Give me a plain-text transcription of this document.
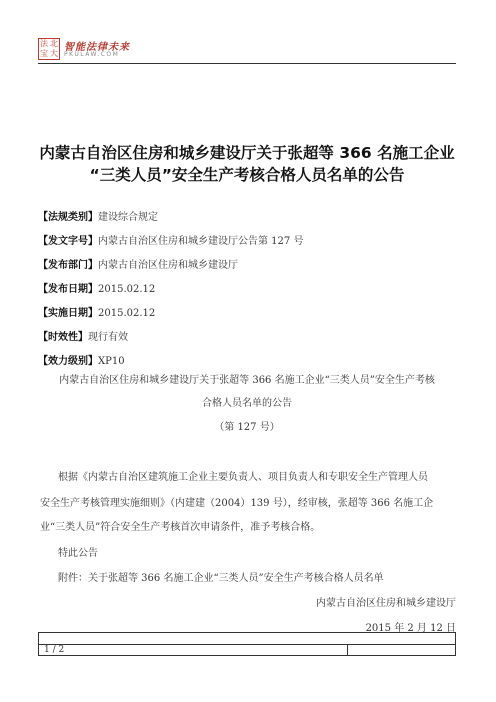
法 北
宝 大
智能法律未来
PKULAW.COM
内蒙古自治区住房和城乡建设厅关于张超等 366 名施工企业
“三类人员”安全生产考核合格人员名单的公告
【法规类别】建设综合规定
【发文字号】内蒙古自治区住房和城乡建设厅公告第 127 号
【发布部门】内蒙古自治区住房和城乡建设厅
【发布日期】2015.02.12
【实施日期】2015.02.12
【时效性】现行有效
【效力级别】XP10
内蒙古自治区住房和城乡建设厅关于张超等 366 名施工企业“三类人员”安全生产考核
合格人员名单的公告
（第 127 号）
根据《内蒙古自治区建筑施工企业主要负责人、项目负责人和专职安全生产管理人员
安全生产考核管理实施细则》（内建建（2004）139 号），经审核，张超等 366 名施工企
业“三类人员”符合安全生产考核首次申请条件，准予考核合格。
特此公告
附件：关于张超等 366 名施工企业“三类人员”安全生产考核合格人员名单
内蒙古自治区住房和城乡建设厅
2015 年 2 月 12 日
1 / 2
